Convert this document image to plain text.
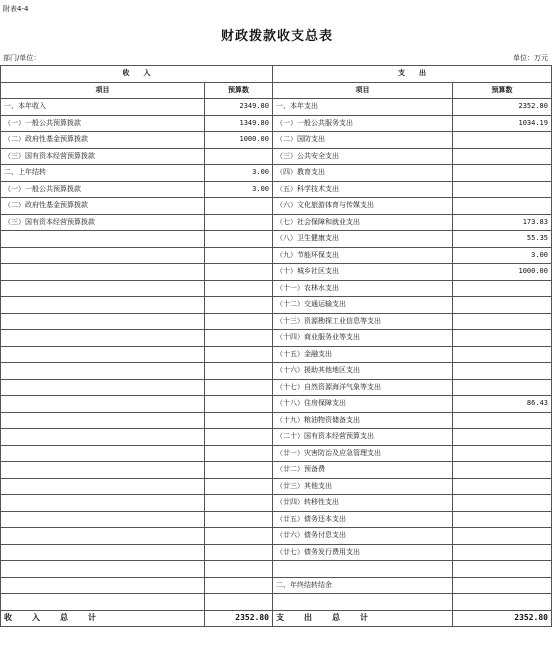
附表4-4
财政拨款收支总表
部门/单位：	单位：万元
收　　入		支　　出	
项目	预算数	项目	预算数
一、本年收入	2349.80	一、本年支出	2352.80
（一）一般公共预算拨款	1349.80	（一）一般公共服务支出	1034.19
（二）政府性基金预算拨款	1000.00	（二）国防支出	
（三）国有资本经营预算拨款		（三）公共安全支出	
二、上年结转	3.00	（四）教育支出	
（一）一般公共预算拨款	3.00	（五）科学技术支出	
（二）政府性基金预算拨款		（六）文化旅游体育与传媒支出	
（三）国有资本经营预算拨款		（七）社会保障和就业支出	173.83
		（八）卫生健康支出	55.35
		（九）节能环保支出	3.00
		（十）城乡社区支出	1000.00
		（十一）农林水支出	
		（十二）交通运输支出	
		（十三）资源勘探工业信息等支出	
		（十四）商业服务业等支出	
		（十五）金融支出	
		（十六）援助其他地区支出	
		（十七）自然资源海洋气象等支出	
		（十八）住房保障支出	86.43
		（十九）粮油物资储备支出	
		（二十）国有资本经营预算支出	
		（廿一）灾害防治及应急管理支出	
		（廿二）预备费	
		（廿三）其他支出	
		（廿四）转移性支出	
		（廿五）债务还本支出	
		（廿六）债务付息支出	
		（廿七）债务发行费用支出	

		二、年终结转结余	

收　入　总　计	2352.80	支　出　总　计	2352.80
